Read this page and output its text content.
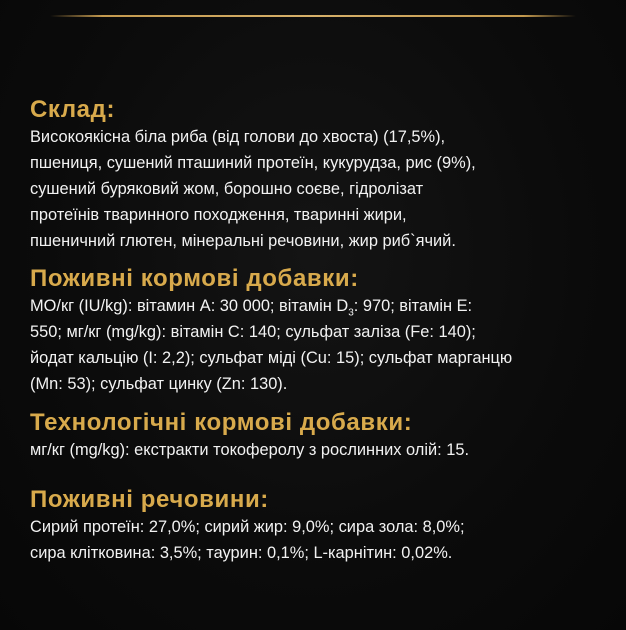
Склад:

Високоякісна біла риба (від голови до хвоста) (17,5%),
пшениця, сушений пташиний протеїн, кукурудза, рис (9%),
сушений буряковий жом, борошно соєве, гідролізат
протеїнів тваринного походження, тваринні жири,
пшеничний глютен, мінеральні речовини, жир риб`ячий.

Поживні кормові добавки:

МО/кг (IU/kg): вітамин А: 30 000; вітамін $D_3$: 970; вітамін E:
550; мг/кг (mg/kg): вітамін С: 140; сульфат заліза (Fe: 140);
йодат кальцію (I: 2,2); сульфат міді (Cu: 15); сульфат марганцю
(Mn: 53); сульфат цинку (Zn: 130).

Технологічні кормові добавки:

мг/кг (mg/kg): екстракти токоферолу з рослинних олій: 15.

Поживні речовини:

Сирий протеїн: 27,0%; сирий жир: 9,0%; сира зола: 8,0%;
сира клітковина: 3,5%; таурин: 0,1%; L-карнітин: 0,02%.
